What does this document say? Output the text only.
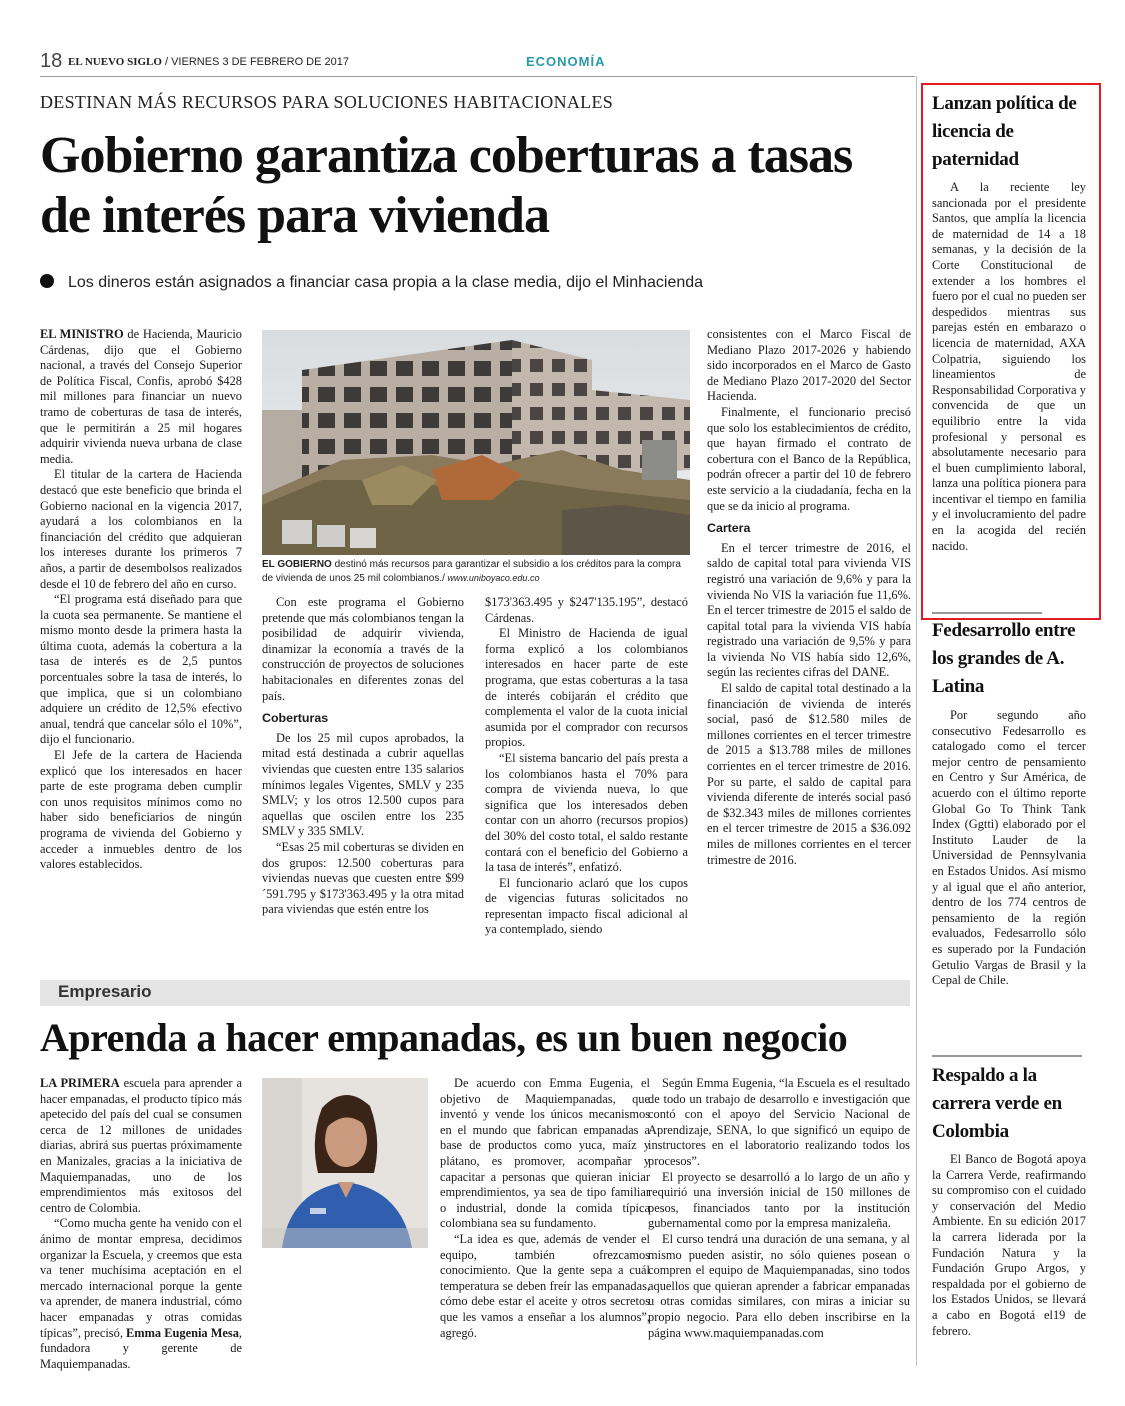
18 EL NUEVO SIGLO / VIERNES 3 DE FEBRERO DE 2017	ECONOMÍA
DESTINAN MÁS RECURSOS PARA SOLUCIONES HABITACIONALES
Gobierno garantiza coberturas a tasas de interés para vivienda
Los dineros están asignados a financiar casa propia a la clase media, dijo el Minhacienda

EL MINISTRO de Hacienda, Mauricio Cárdenas, dijo que el Gobierno nacional, a través del Consejo Superior de Política Fiscal, Confis, aprobó $428 mil millones para financiar un nuevo tramo de coberturas de tasa de interés, que le permitirán a 25 mil hogares adquirir vivienda nueva urbana de clase media.

El titular de la cartera de Hacienda destacó que este beneficio que brinda el Gobierno nacional en la vigencia 2017, ayudará a los colombianos en la financiación del crédito que adquieran los intereses durante los primeros 7 años, a partir de desembolsos realizados desde el 10 de febrero del año en curso.

“El programa está diseñado para que la cuota sea permanente. Se mantiene el mismo monto desde la primera hasta la última cuota, además la cobertura a la tasa de interés es de 2,5 puntos porcentuales sobre la tasa de interés, lo que implica, que si un colombiano adquiere un crédito de 12,5% efectivo anual, tendrá que cancelar sólo el 10%”, dijo el funcionario.

El Jefe de la cartera de Hacienda explicó que los interesados en hacer parte de este programa deben cumplir con unos requisitos mínimos como no haber sido beneficiarios de ningún programa de vivienda del Gobierno y acceder a inmuebles dentro de los valores establecidos.

EL GOBIERNO destinó más recursos para garantizar el subsidio a los créditos para la compra de vivienda de unos 25 mil colombianos./ www.uniboyaco.edu.co

Con este programa el Gobierno pretende que más colombianos tengan la posibilidad de adquirir vivienda, dinamizar la economía a través de la construcción de proyectos de soluciones habitacionales en diferentes zonas del país.

Coberturas

De los 25 mil cupos aprobados, la mitad está destinada a cubrir aquellas viviendas que cuesten entre 135 salarios mínimos legales Vigentes, SMLV y 235 SMLV; y los otros 12.500 cupos para aquellas que oscilen entre los 235 SMLV y 335 SMLV.

“Esas 25 mil coberturas se dividen en dos grupos: 12.500 coberturas para viviendas nuevas que cuesten entre $99´591.795 y $173'363.495 y la otra mitad para viviendas que estén entre los

$173'363.495 y $247'135.195”, destacó Cárdenas.

El Ministro de Hacienda de igual forma explicó a los colombianos interesados en hacer parte de este programa, que estas coberturas a la tasa de interés cobijarán el crédito que complementa el valor de la cuota inicial asumida por el comprador con recursos propios.

“El sistema bancario del país presta a los colombianos hasta el 70% para compra de vivienda nueva, lo que significa que los interesados deben contar con un ahorro (recursos propios) del 30% del costo total, el saldo restante contará con el beneficio del Gobierno a la tasa de interés”, enfatizó.

El funcionario aclaró que los cupos de vigencias futuras solicitados no representan impacto fiscal adicional al ya contemplado, siendo

consistentes con el Marco Fiscal de Mediano Plazo 2017-2026 y habiendo sido incorporados en el Marco de Gasto de Mediano Plazo 2017-2020 del Sector Hacienda.

Finalmente, el funcionario precisó que solo los establecimientos de crédito, que hayan firmado el contrato de cobertura con el Banco de la República, podrán ofrecer a partir del 10 de febrero este servicio a la ciudadanía, fecha en la que se da inicio al programa.

Cartera

En el tercer trimestre de 2016, el saldo de capital total para vivienda VIS registró una variación de 9,6% y para la vivienda No VIS la variación fue 11,6%. En el tercer trimestre de 2015 el saldo de capital total para la vivienda VIS había registrado una variación de 9,5% y para la vivienda No VIS había sido 12,6%, según las recientes cifras del DANE.

El saldo de capital total destinado a la financiación de vivienda de interés social, pasó de $12.580 miles de millones corrientes en el tercer trimestre de 2015 a $13.788 miles de millones corrientes en el tercer trimestre de 2016. Por su parte, el saldo de capital para vivienda diferente de interés social pasó de $32.343 miles de millones corrientes en el tercer trimestre de 2015 a $36.092 miles de millones corrientes en el tercer trimestre de 2016.

Empresario
Aprenda a hacer empanadas, es un buen negocio

LA PRIMERA escuela para aprender a hacer empanadas, el producto típico más apetecido del país del cual se consumen cerca de 12 millones de unidades diarias, abrirá sus puertas próximamente en Manizales, gracias a la iniciativa de Maquiempanadas, uno de los emprendimientos más exitosos del centro de Colombia.

“Como mucha gente ha venido con el ánimo de montar empresa, decidimos organizar la Escuela, y creemos que esta va tener muchísima aceptación en el mercado internacional porque la gente va aprender, de manera industrial, cómo hacer empanadas y otras comidas típicas”, precisó, Emma Eugenia Mesa, fundadora y gerente de Maquiempanadas.

De acuerdo con Emma Eugenia, el objetivo de Maquiempanadas, que inventó y vende los únicos mecanismos en el mundo que fabrican empanadas a base de productos como yuca, maíz y plátano, es promover, acompañar y capacitar a personas que quieran iniciar emprendimientos, ya sea de tipo familiar o industrial, donde la comida típica colombiana sea su fundamento.

“La idea es que, además de vender el equipo, también ofrezcamos conocimiento. Que la gente sepa a cuál temperatura se deben freír las empanadas, cómo debe estar el aceite y otros secretos que les vamos a enseñar a los alumnos”, agregó.

Según Emma Eugenia, “la Escuela es el resultado de todo un trabajo de desarrollo e investigación que contó con el apoyo del Servicio Nacional de Aprendizaje, SENA, lo que significó un equipo de instructores en el laboratorio realizando todos los procesos”.

El proyecto se desarrolló a lo largo de un año y requirió una inversión inicial de 150 millones de pesos, financiados tanto por la institución gubernamental como por la empresa manizaleña.

El curso tendrá una duración de una semana, y al mismo pueden asistir, no sólo quienes posean o compren el equipo de Maquiempanadas, sino todos aquellos que quieran aprender a fabricar empanadas u otras comidas similares, con miras a iniciar su propio negocio. Para ello deben inscribirse en la página www.maquiempanadas.com

Lanzan política de licencia de paternidad

A la reciente ley sancionada por el presidente Santos, que amplía la licencia de maternidad de 14 a 18 semanas, y la decisión de la Corte Constitucional de extender a los hombres el fuero por el cual no pueden ser despedidos mientras sus parejas estén en embarazo o licencia de maternidad, AXA Colpatria, siguiendo los lineamientos de Responsabilidad Corporativa y convencida de que un equilibrio entre la vida profesional y personal es absolutamente necesario para el buen cumplimiento laboral, lanza una política pionera para incentivar el tiempo en familia y el involucramiento del padre en la acogida del recién nacido.

Fedesarrollo entre los grandes de A. Latina

Por segundo año consecutivo Fedesarrollo es catalogado como el tercer mejor centro de pensamiento en Centro y Sur América, de acuerdo con el último reporte Global Go To Think Tank Index (Ggtti) elaborado por el Instituto Lauder de la Universidad de Pennsylvania en Estados Unidos. Así mismo y al igual que el año anterior, dentro de los 774 centros de pensamiento de la región evaluados, Fedesarrollo sólo es superado por la Fundación Getulio Vargas de Brasil y la Cepal de Chile.

Respaldo a la carrera verde en Colombia

El Banco de Bogotá apoya la Carrera Verde, reafirmando su compromiso con el cuidado y conservación del Medio Ambiente. En su edición 2017 la carrera liderada por la Fundación Natura y la Fundación Grupo Argos, y respaldada por el gobierno de los Estados Unidos, se llevará a cabo en Bogotá el19 de febrero.
